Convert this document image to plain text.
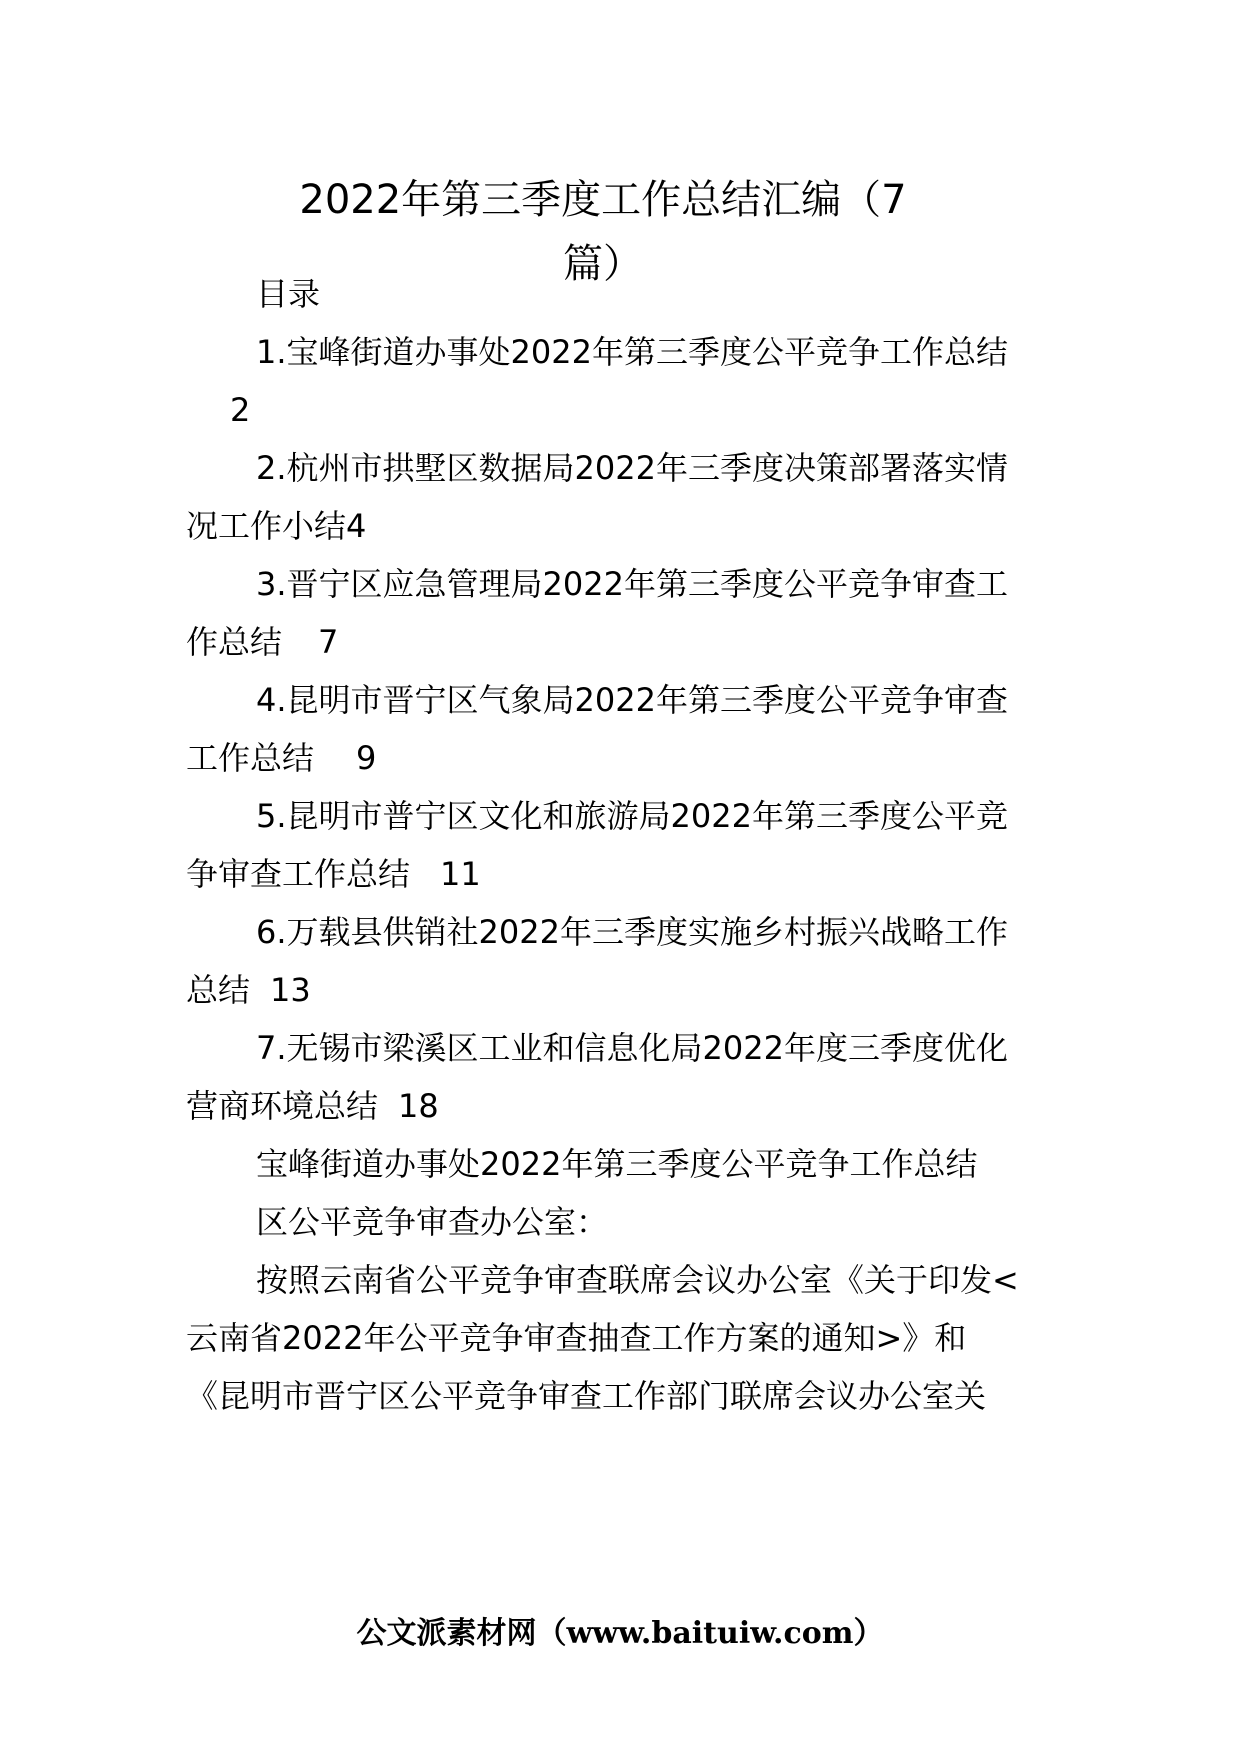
2022年第三季度工作总结汇编（7
篇）
目录
1.宝峰街道办事处2022年第三季度公平竞争工作总结
2
2.杭州市拱墅区数据局2022年三季度决策部署落实情
况工作小结4
3.晋宁区应急管理局2022年第三季度公平竞争审查工
作总结 7
4.昆明市晋宁区气象局2022年第三季度公平竞争审查
工作总结 9
5.昆明市普宁区文化和旅游局2022年第三季度公平竞
争审查工作总结 11
6.万载县供销社2022年三季度实施乡村振兴战略工作
总结 13
7.无锡市梁溪区工业和信息化局2022年度三季度优化
营商环境总结 18
宝峰街道办事处2022年第三季度公平竞争工作总结
区公平竞争审查办公室：
按照云南省公平竞争审查联席会议办公室《关于印发<
云南省2022年公平竞争审查抽查工作方案的通知>》和
《昆明市晋宁区公平竞争审查工作部门联席会议办公室关
公文派素材网（www.baituiw.com）
